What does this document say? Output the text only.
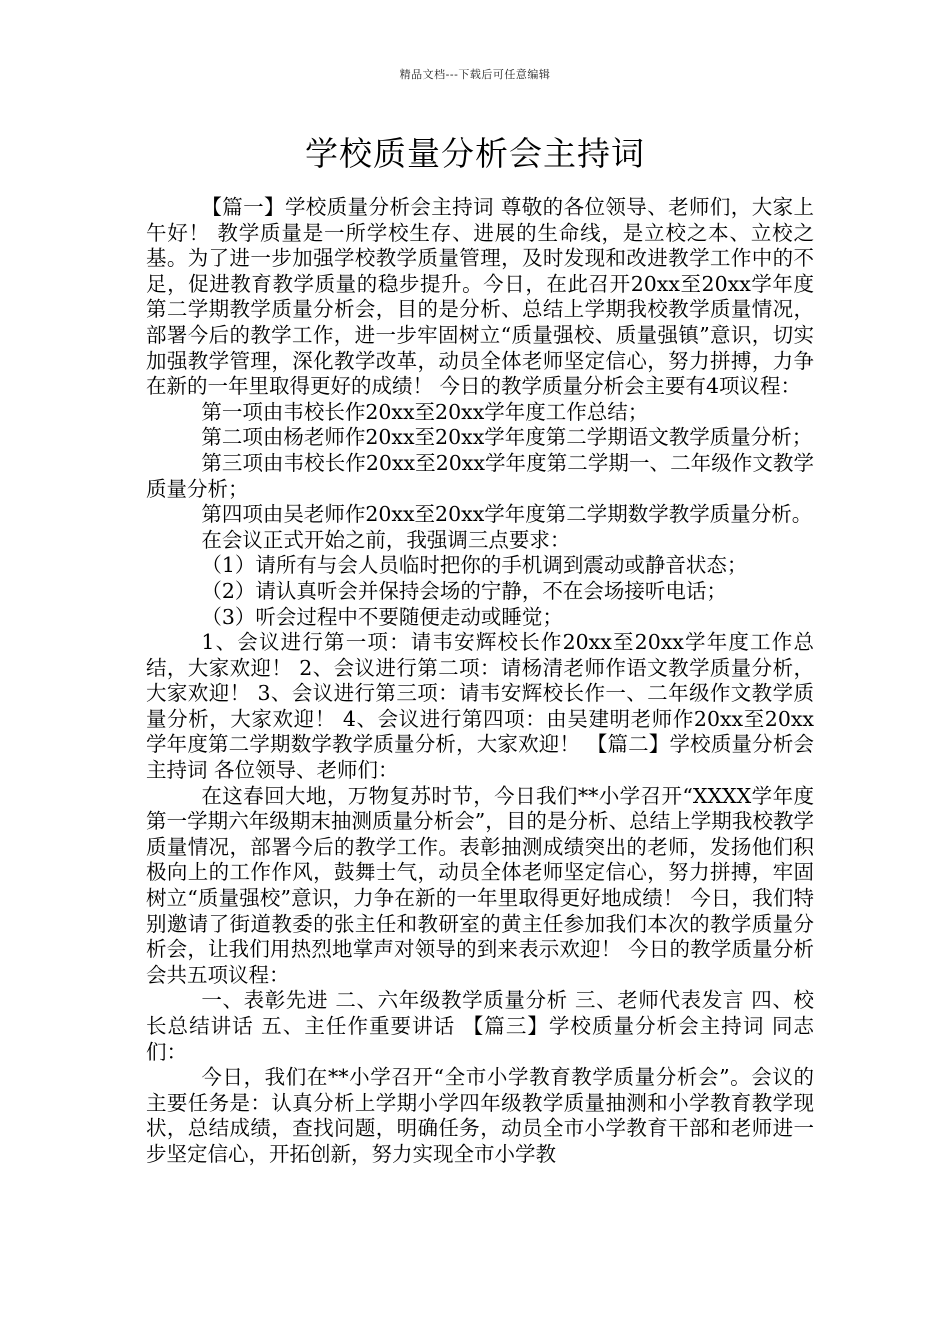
精品文档---下载后可任意编辑
学校质量分析会主持词

【篇一】学校质量分析会主持词 尊敬的各位领导、老师们，大家上午好！ 教学质量是一所学校生存、进展的生命线，是立校之本、立校之基。为了进一步加强学校教学质量管理，及时发现和改进教学工作中的不足，促进教育教学质量的稳步提升。今日，在此召开20xx至20xx学年度第二学期教学质量分析会，目的是分析、总结上学期我校教学质量情况，部署今后的教学工作，进一步牢固树立“质量强校、质量强镇”意识，切实加强教学管理，深化教学改革，动员全体老师坚定信心，努力拼搏，力争在新的一年里取得更好的成绩！ 今日的教学质量分析会主要有4项议程：

第一项由韦校长作20xx至20xx学年度工作总结；

第二项由杨老师作20xx至20xx学年度第二学期语文教学质量分析；

第三项由韦校长作20xx至20xx学年度第二学期一、二年级作文教学质量分析；

第四项由吴老师作20xx至20xx学年度第二学期数学教学质量分析。

在会议正式开始之前，我强调三点要求：

（1）请所有与会人员临时把你的手机调到震动或静音状态；

（2）请认真听会并保持会场的宁静，不在会场接听电话；

（3）听会过程中不要随便走动或睡觉；

1、会议进行第一项：请韦安辉校长作20xx至20xx学年度工作总结，大家欢迎！ 2、会议进行第二项：请杨清老师作语文教学质量分析，大家欢迎！ 3、会议进行第三项：请韦安辉校长作一、二年级作文教学质量分析，大家欢迎！ 4、会议进行第四项：由吴建明老师作20xx至20xx学年度第二学期数学教学质量分析，大家欢迎！ 【篇二】学校质量分析会主持词 各位领导、老师们：

在这春回大地，万物复苏时节，今日我们**小学召开“XXXX学年度第一学期六年级期末抽测质量分析会”，目的是分析、总结上学期我校教学质量情况，部署今后的教学工作。表彰抽测成绩突出的老师，发扬他们积极向上的工作作风，鼓舞士气，动员全体老师坚定信心，努力拼搏，牢固树立“质量强校”意识，力争在新的一年里取得更好地成绩！ 今日，我们特别邀请了街道教委的张主任和教研室的黄主任参加我们本次的教学质量分析会，让我们用热烈地掌声对领导的到来表示欢迎！ 今日的教学质量分析会共五项议程：

一、表彰先进 二、六年级教学质量分析 三、老师代表发言 四、校长总结讲话 五、主任作重要讲话 【篇三】学校质量分析会主持词 同志们：

今日，我们在**小学召开“全市小学教育教学质量分析会”。会议的主要任务是：认真分析上学期小学四年级教学质量抽测和小学教育教学现状，总结成绩，查找问题，明确任务，动员全市小学教育干部和老师进一步坚定信心，开拓创新，努力实现全市小学教
